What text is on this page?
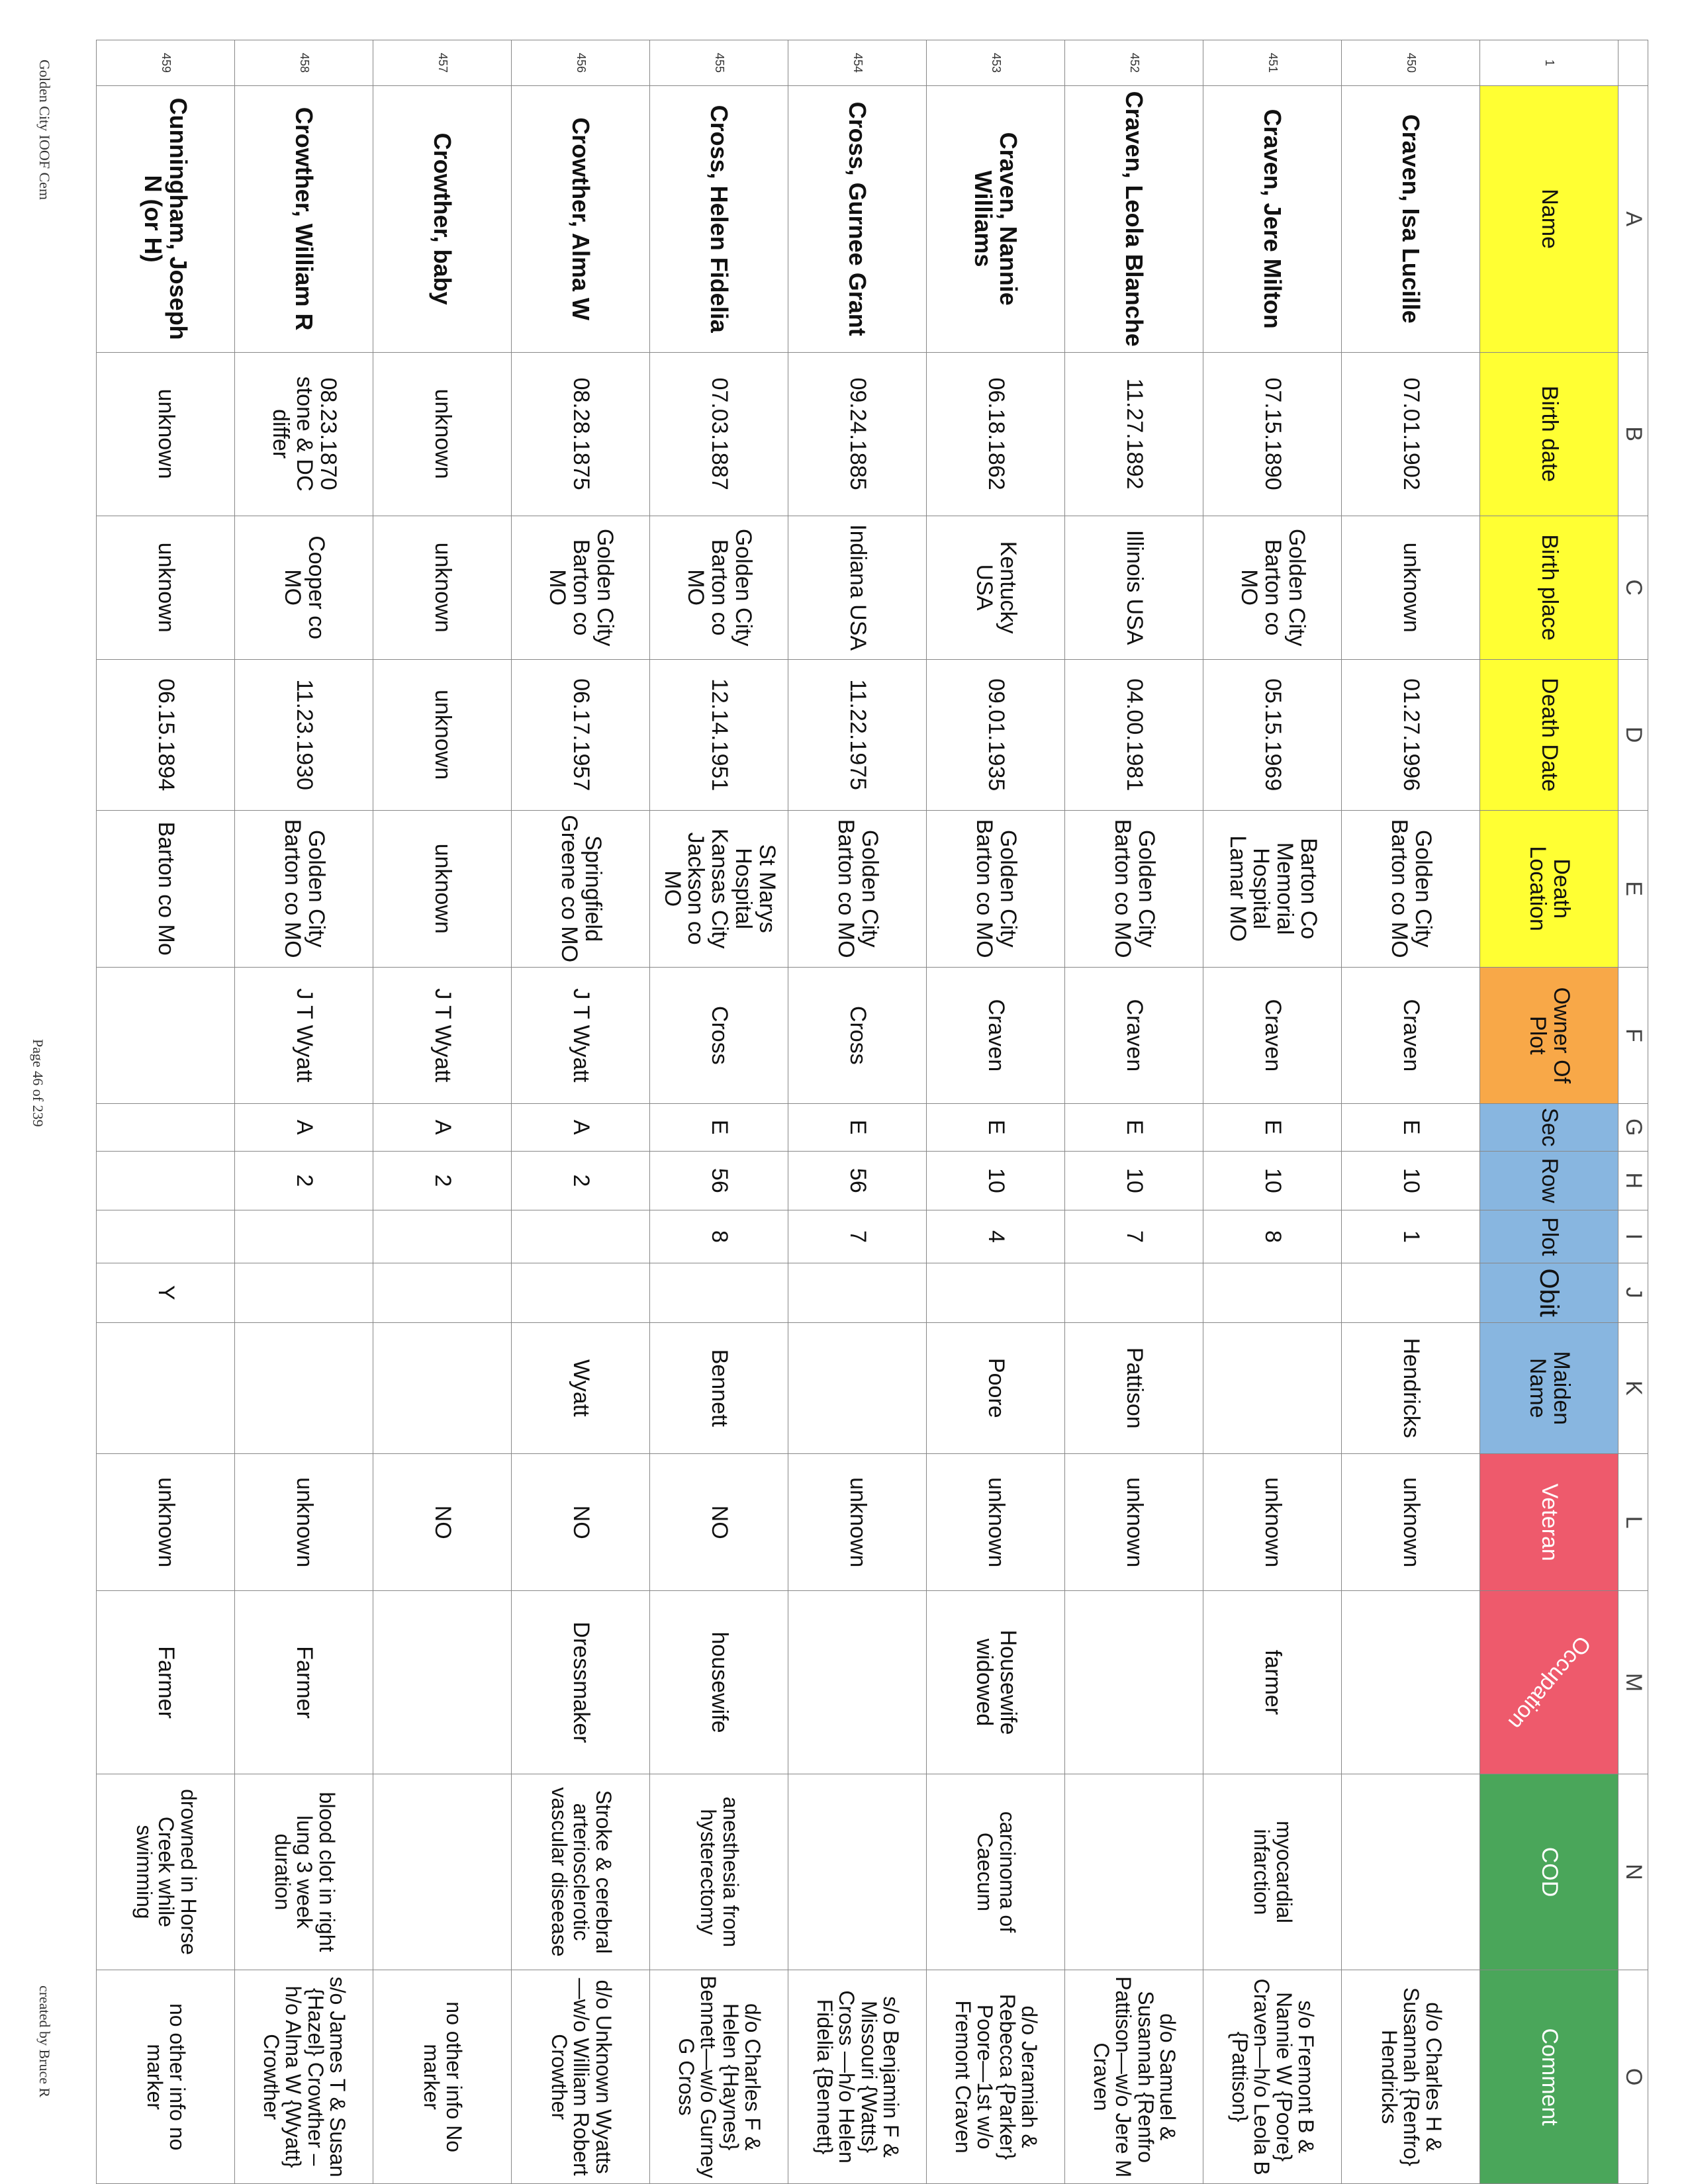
	A	B	C	D	E	F	G	H	I	J	K	L	M	N	O
1	Name	Birth date	Birth place	Death Date	Death Location	Owner Of Plot	Sec	Row	Plot	Obit	Maiden Name	Veteran	Occupation	COD	Comment
450	Craven, Isa Lucille	07.01.1902	unknown	01.27.1996	Golden City Barton co MO	Craven	E	10	1		Hendricks	unknown			d/o Charles H & Susannah {Renfro} Hendricks
451	Craven, Jere Milton	07.15.1890	Golden City Barton co MO	05.15.1969	Barton Co Memorial Hospital Lamar MO	Craven	E	10	8			unknown	farmer	myocardial infarction	s/o Fremont B & Nannie W {Poore} Craven—h/o Leola B {Pattison}
452	Craven, Leola Blanche	11.27.1892	Illinois USA	04.00.1981	Golden City Barton co MO	Craven	E	10	7		Pattison	unknown			d/o Samuel & Susannah {Renfro Pattison—w/o Jere M Craven
453	Craven, Nannie Williams	06.18.1862	Kentucky USA	09.01.1935	Golden City Barton co MO	Craven	E	10	4		Poore	unknown	Housewife widowed	carcinoma of Caecum	d/o Jeramiah & Rebecca {Parker} Poore—1st w/o Fremont Craven
454	Cross, Gurnee Grant	09.24.1885	Indiana USA	11.22.1975	Golden City Barton co MO	Cross	E	56	7			unknown			s/o Benjamin F & Missouri {Watts} Cross —h/o Helen Fidelia {Bennett}
455	Cross, Helen Fidelia	07.03.1887	Golden City Barton co MO	12.14.1951	St Marys Hospital Kansas City Jackson co MO	Cross	E	56	8		Bennett	NO	housewife	anesthesia from hysterectomy	d/o Charles F & Helen {Haynes} Bennett—w/o Gurney G Cross
456	Crowther, Alma W	08.28.1875	Golden City Barton co MO	06.17.1957	Springfield Greene co MO	J T Wyatt	A	2			Wyatt	NO	Dressmaker	Stroke & cerebral arteriosclerotic vascular diseease	d/o Unknown Wyatts —w/o William Robert Crowther
457	Crowther, baby	unknown	unknown	unknown	unknown	J T Wyatt	A	2				NO			no other info No marker
458	Crowther, William R	08.23.1870 stone & DC differ	Cooper co MO	11.23.1930	Golden City Barton co MO	J T Wyatt	A	2				unknown	Farmer	blood clot in right lung 3 week duration	s/o James T & Susan {Hazel} Crowther –h/o Alma W {Wyatt} Crowther
459	Cunningham, Joseph N (or H)	unknown	unknown	06.15.1894	Barton co Mo					Y		unknown	Farmer	drowned in Horse Creek while swimming	no other info no marker
Golden City IOOF Cem
Page 46 of 239
created by Bruce R
